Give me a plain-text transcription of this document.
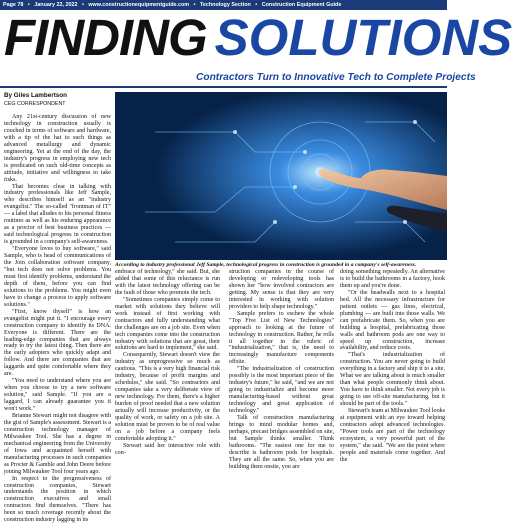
Page 78 • January 22, 2022 • www.constructionequipmentguide.com • Technology Section • Construction Equipment Guide
FINDING SOLUTIONS
Contractors Turn to Innovative Tech to Complete Projects
By Giles Lambertson
CEG CORRESPONDENT
According to industry professional Jeff Sample, technological progress in construction is grounded in a company's self-awareness.

Any 21st-century discussion of new technology in construction usually is couched in terms of software and hardware, with a tip of the hat to such things as advanced metallurgy and dynamic engineering. Yet at the end of the day, the industry's progress in employing new tech is predicated on such old-time concepts as attitude, initiative and willingness to take risks.

That becomes clear in talking with industry professionals like Jeff Sample, who describes himself as an "industry evangelist." The so-called "frontman of IT" — a label that alludes to his personal fitness routines as well as his enduring appearance as a proctor of best business practices — said technological progress in construction is grounded in a company's self-awareness.

"Everyone loves to buy software," said Sample, who is head of communications of the Join collaboration software company, "but tech does not solve problems. You must first identify problems, understand the depth of them, before you can find solutions to the problems. You might even have to change a process to apply software solutions."

"First, know thyself" is how an evangelist might put it. "I encourage every construction company to identify its DNA. Everyone is different. There are the leading-edge companies that are always ready to try the latest thing. Then there are the early adopters who quickly adapt and follow. And there are companies that are laggards and quite comfortable where they are.

"You need to understand where you are when you choose to try a new software solution," said Sample. "If you are a laggard, I can already guarantee you it won't work."

Brianne Stewart might not disagree with the gist of Sample's assessment. Stewart is a construction technology manager of Milwaukee Tool. She has a degree in mechanical engineering from the University of Iowa and acquainted herself with manufacturing processes in such companies as Procter & Gamble and John Deere before joining Milwaukee Tool four years ago.

In respect to the progressiveness of construction companies, Stewart understands the position in which construction executives and small contractors find themselves. "There has been so much coverage recently about the construction industry lagging in its

embrace of technology," she said. But, she added that some of this reluctance is run with the latest technology offering can be the fault of those who promote the tech.

"Sometimes companies simply come to market with solutions they believe will work instead of first working with contractors and fully understanding what the challenges are on a job site. Even when tech companies come into the construction industry with solutions that are great, their solutions are hard to implement," she said.

Consequently, Stewart doesn't view the industry as unprogressive so much as cautious. "This is a very high financial risk industry, because of profit margins and schedules," she said. "So contractors and companies take a very deliberate view of new technology. For them, there's a higher burden of proof needed that a new solution actually will increase productivity, or the quality of work, or safety on a job site. A solution must be proven to be of real value on a job before a company feels comfortable adopting it."

Stewart said her interactive role with con-

struction companies in the course of developing or redeveloping tools has shown her "how involved contractors are getting. My sense is that they are very interested in working with solution providers to help shape technology."

Sample prefers to eschew the whole "Top Five List of New Technologies" approach to looking at the future of technology in construction. Rather, he rolls it all together in the rubric of "industrialization," that is, the need to increasingly manufacture components offsite.

"The industrialization of construction possibly is the most important piece of the industry's future," he said, "and we are not going to industrialize and become more manufacturing-based without great technology and great application of technology."

Talk of construction manufacturing brings to mind modular homes and, perhaps, precast bridges assembled on site, but Sample thinks smaller. Think bathrooms. "The easiest one for me to describe is bathroom pods for hospitals. They are all the same. So, when you are building them onsite, you are

doing something repeatedly. An alternative is to build the bathrooms in a factory, hook them up and you're done.

"Or the headwalls next to a hospital bed. All the necessary infrastructure for patient outlets — gas lines, electrical, plumbing — are built into those walls. We can prefabricate them. So, when you are building a hospital, prefabricating those walls and bathroom pods are one way to speed up construction, increase availability, and reduce costs.

"That's industrialization of construction. You are never going to build everything in a factory and ship it to a site. What we are talking about is much smaller than what people commonly think about. You have to think smaller. Not every job is going to use off-site manufacturing, but it should be part of the tools."

Stewart's team at Milwaukee Tool looks at equipment with an eye toward helping contractors adopt advanced technologies. "Power tools are part of the technology ecosystem, a very powerful part of the system," she said. "We are the point where people and materials come together. And the
